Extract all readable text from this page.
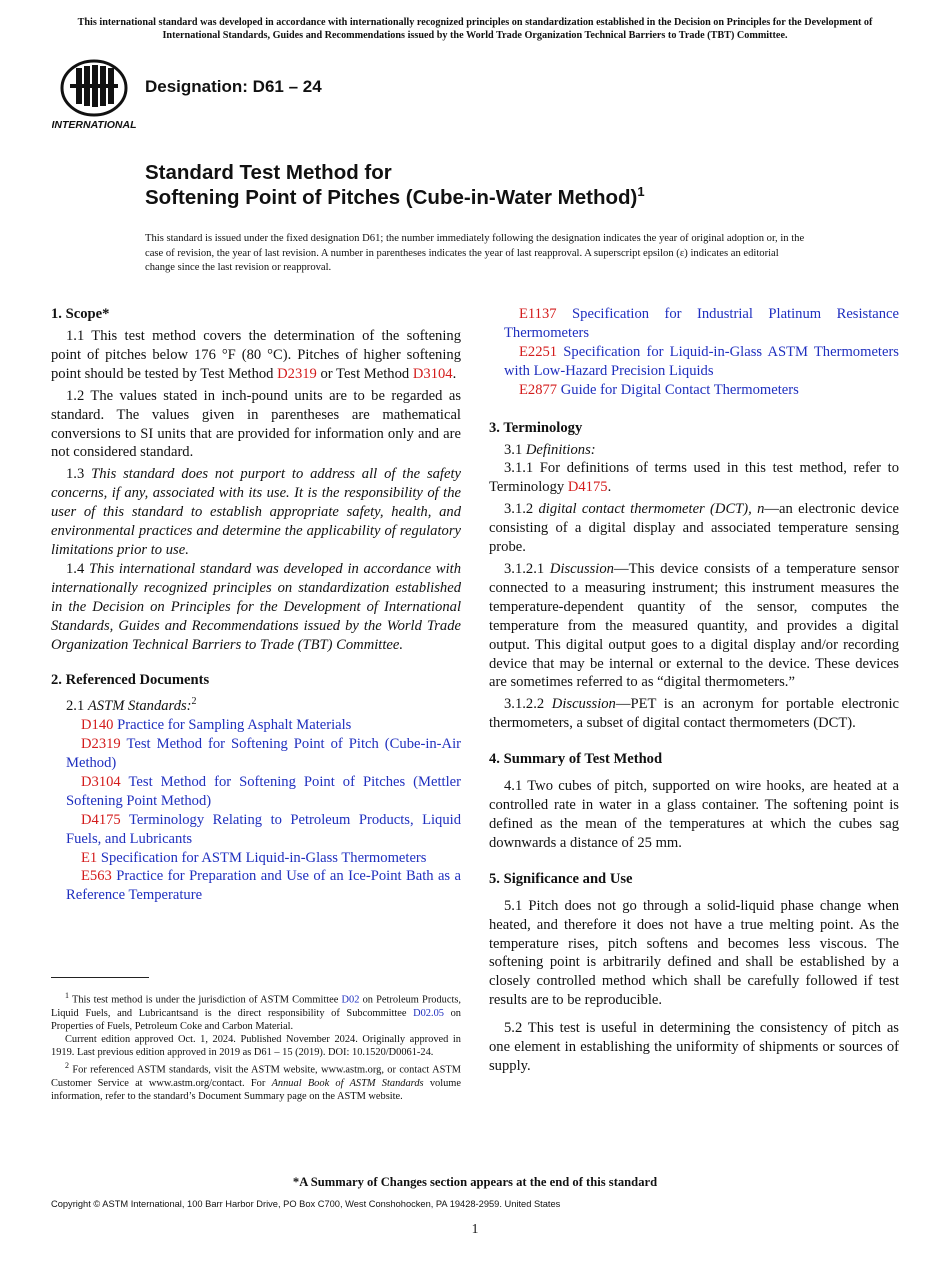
This international standard was developed in accordance with internationally recognized principles on standardization established in the Decision on Principles for the Development of International Standards, Guides and Recommendations issued by the World Trade Organization Technical Barriers to Trade (TBT) Committee.
INTERNATIONAL
Designation: D61 – 24
Standard Test Method for
Softening Point of Pitches (Cube-in-Water Method)$^1$
This standard is issued under the fixed designation D61; the number immediately following the designation indicates the year of original adoption or, in the case of revision, the year of last revision. A number in parentheses indicates the year of last reapproval. A superscript epsilon (ε) indicates an editorial change since the last revision or reapproval.
1. Scope*

1.1 This test method covers the determination of the softening point of pitches below 176 °F (80 °C). Pitches of higher softening point should be tested by Test Method D2319 or Test Method D3104.

1.2 The values stated in inch-pound units are to be regarded as standard. The values given in parentheses are mathematical conversions to SI units that are provided for information only and are not considered standard.

1.3 This standard does not purport to address all of the safety concerns, if any, associated with its use. It is the responsibility of the user of this standard to establish appropriate safety, health, and environmental practices and determine the applicability of regulatory limitations prior to use.

1.4 This international standard was developed in accordance with internationally recognized principles on standardization established in the Decision on Principles for the Development of International Standards, Guides and Recommendations issued by the World Trade Organization Technical Barriers to Trade (TBT) Committee.

2. Referenced Documents

2.1 ASTM Standards:$^2$

D140 Practice for Sampling Asphalt Materials

D2319 Test Method for Softening Point of Pitch (Cube-in-Air Method)

D3104 Test Method for Softening Point of Pitches (Mettler Softening Point Method)

D4175 Terminology Relating to Petroleum Products, Liquid Fuels, and Lubricants

E1 Specification for ASTM Liquid-in-Glass Thermometers

E563 Practice for Preparation and Use of an Ice-Point Bath as a Reference Temperature

$^1$ This test method is under the jurisdiction of ASTM Committee D02 on Petroleum Products, Liquid Fuels, and Lubricantsand is the direct responsibility of Subcommittee D02.05 on Properties of Fuels, Petroleum Coke and Carbon Material.

Current edition approved Oct. 1, 2024. Published November 2024. Originally approved in 1919. Last previous edition approved in 2019 as D61 – 15 (2019). DOI: 10.1520/D0061-24.

$^2$ For referenced ASTM standards, visit the ASTM website, www.astm.org, or contact ASTM Customer Service at www.astm.org/contact. For Annual Book of ASTM Standards volume information, refer to the standard’s Document Summary page on the ASTM website.

E1137 Specification for Industrial Platinum Resistance Thermometers

E2251 Specification for Liquid-in-Glass ASTM Thermometers with Low-Hazard Precision Liquids

E2877 Guide for Digital Contact Thermometers

3. Terminology

3.1 Definitions:

3.1.1 For definitions of terms used in this test method, refer to Terminology D4175.

3.1.2 digital contact thermometer (DCT), n—an electronic device consisting of a digital display and associated temperature sensing probe.

3.1.2.1 Discussion—This device consists of a temperature sensor connected to a measuring instrument; this instrument measures the temperature-dependent quantity of the sensor, computes the temperature from the measured quantity, and provides a digital output. This digital output goes to a digital display and/or recording device that may be internal or external to the device. These devices are sometimes referred to as “digital thermometers.”

3.1.2.2 Discussion—PET is an acronym for portable electronic thermometers, a subset of digital contact thermometers (DCT).

4. Summary of Test Method

4.1 Two cubes of pitch, supported on wire hooks, are heated at a controlled rate in water in a glass container. The softening point is defined as the mean of the temperatures at which the cubes sag downwards a distance of 25 mm.

5. Significance and Use

5.1 Pitch does not go through a solid-liquid phase change when heated, and therefore it does not have a true melting point. As the temperature rises, pitch softens and becomes less viscous. The softening point is arbitrarily defined and shall be established by a closely controlled method which shall be carefully followed if test results are to be reproducible.

5.2 This test is useful in determining the consistency of pitch as one element in establishing the uniformity of shipments or sources of supply.

*A Summary of Changes section appears at the end of this standard
Copyright © ASTM International, 100 Barr Harbor Drive, PO Box C700, West Conshohocken, PA 19428-2959. United States
1
